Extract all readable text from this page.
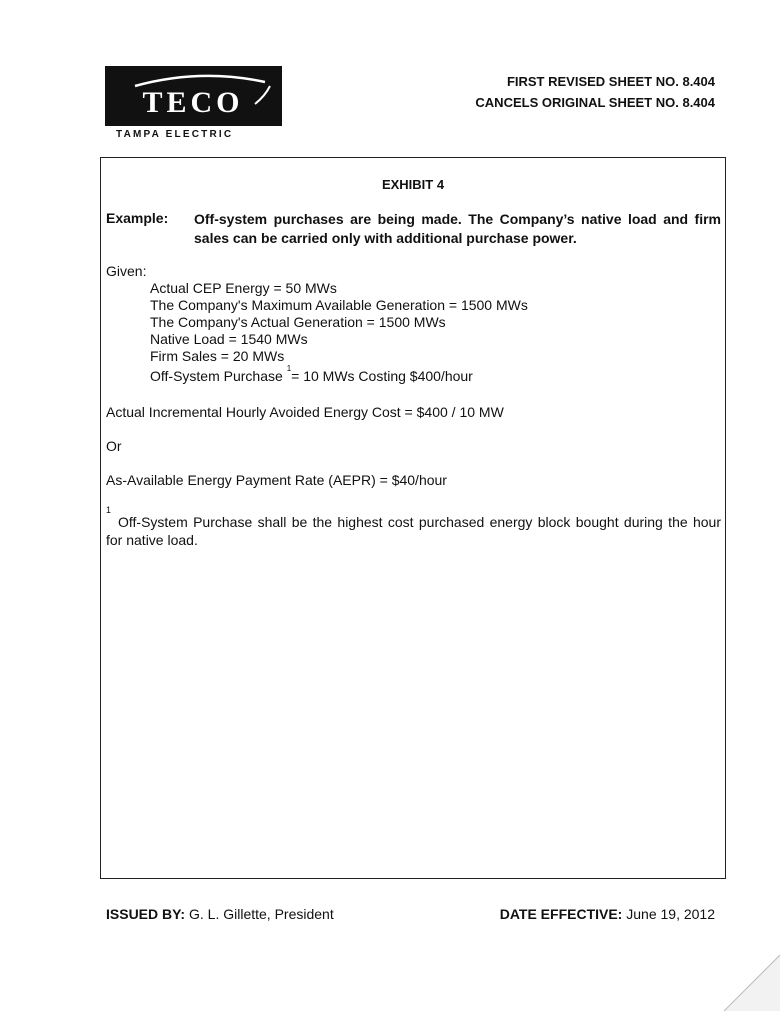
TECO
TAMPA ELECTRIC
FIRST REVISED SHEET NO. 8.404
CANCELS ORIGINAL SHEET NO. 8.404
EXHIBIT 4
Example: Off-system purchases are being made. The Company’s native load and firm sales can be carried only with additional purchase power.
Given:
Actual CEP Energy = 50 MWs
The Company's Maximum Available Generation = 1500 MWs
The Company's Actual Generation = 1500 MWs
Native Load = 1540 MWs
Firm Sales = 20 MWs
Off-System Purchase $^1$ = 10 MWs Costing $400/hour
Actual Incremental Hourly Avoided Energy Cost = $400 / 10 MW
Or
As-Available Energy Payment Rate (AEPR) = $40/hour
1
Off-System Purchase shall be the highest cost purchased energy block bought during the hour for native load.
ISSUED BY: G. L. Gillette, President	DATE EFFECTIVE: June 19, 2012
